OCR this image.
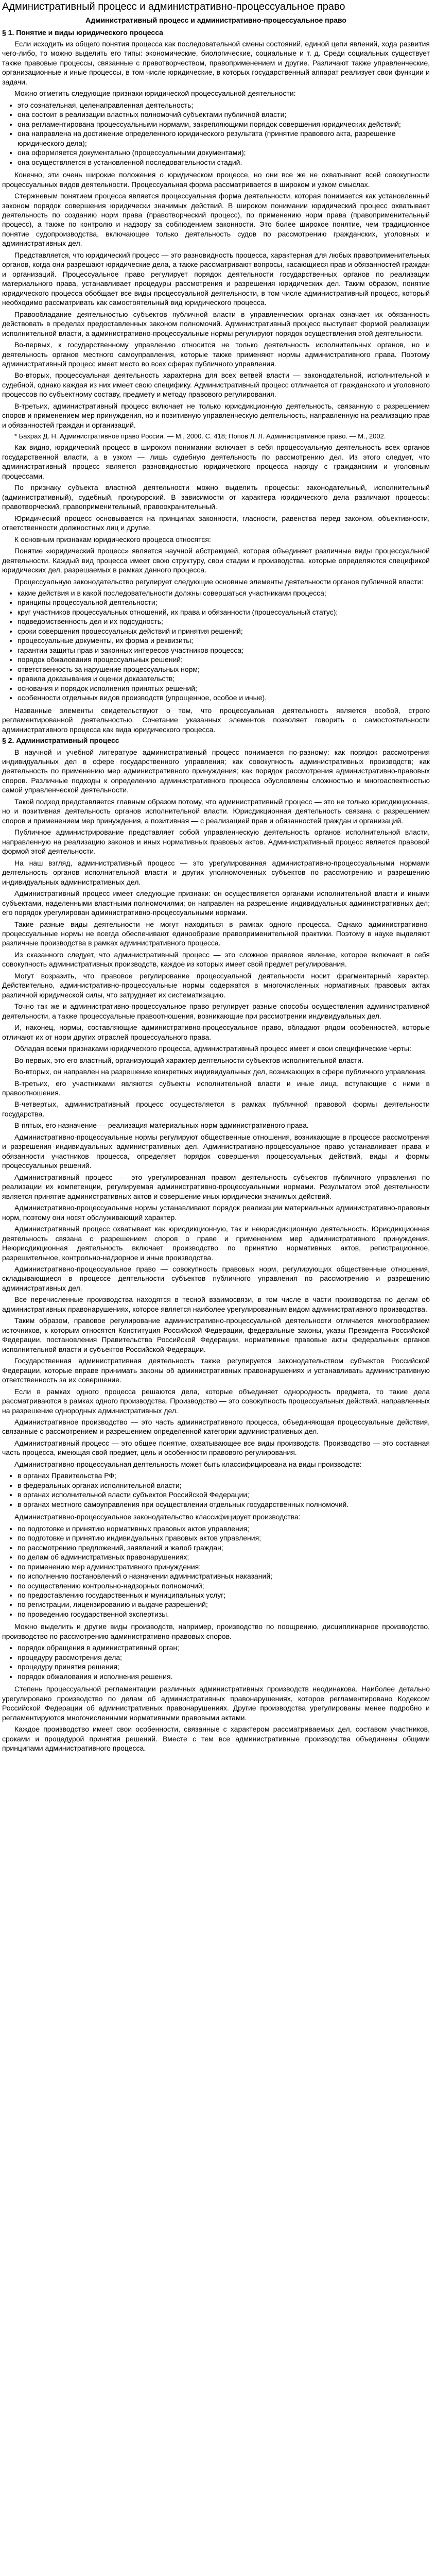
Административный процесс и административно-процессуальное право
Административный процесс и административно-процессуальное право
§ 1. Понятие и виды юридического процесса

Если исходить из общего понятия процесса как последовательной смены состояний, единой цепи явлений, хода развития чего-либо, то можно выделить его типы: экономические, биологические, социальные и т. д. Среди социальных существует также правовые процессы, связанные с правотворчеством, правоприменением и другие. Различают также управленческие, организационные и иные процессы, в том числе юридические, в которых государственный аппарат реализует свои функции и задачи.

Можно отметить следующие признаки юридической процессуальной деятельности:

• это сознательная, целенаправленная деятельность;
• она состоит в реализации властных полномочий субъектами публичной власти;
• она регламентирована процессуальными нормами, закрепляющими порядок совершения юридических действий;
• она направлена на достижение определенного юридического результата (принятие правового акта, разрешение юридического дела);
• она оформляется документально (процессуальными документами);
• она осуществляется в установленной последовательности стадий.

Конечно, эти очень широкие положения о юридическом процессе, но они все же не охватывают всей совокупности процессуальных видов деятельности. Процессуальная форма рассматривается в широком и узком смыслах.

Стержневым понятием процесса является процессуальная форма деятельности, которая понимается как установленный законом порядок совершения юридически значимых действий. В широком понимании юридический процесс охватывает деятельность по созданию норм права (правотворческий процесс), по применению норм права (правоприменительный процесс), а также по контролю и надзору за соблюдением законности. Это более широкое понятие, чем традиционное понятие судопроизводства, включающее только деятельность судов по рассмотрению гражданских, уголовных и административных дел.

Представляется, что юридический процесс — это разновидность процесса, характерная для любых правоприменительных органов, когда они разрешают юридические дела, а также рассматривают вопросы, касающиеся прав и обязанностей граждан и организаций. Процессуальное право регулирует порядок деятельности государственных органов по реализации материального права, устанавливает процедуры рассмотрения и разрешения юридических дел. Таким образом, понятие юридического процесса обобщает все виды процессуальной деятельности, в том числе административный процесс, который необходимо рассматривать как самостоятельный вид юридического процесса.

Правообладание деятельностью субъектов публичной власти в управленческих органах означает их обязанность действовать в пределах предоставленных законом полномочий. Административный процесс выступает формой реализации исполнительной власти, а административно-процессуальные нормы регулируют порядок осуществления этой деятельности.

Во-первых, к государственному управлению относится не только деятельность исполнительных органов, но и деятельность органов местного самоуправления, которые также применяют нормы административного права. Поэтому административный процесс имеет место во всех сферах публичного управления.

Во-вторых, процессуальная деятельность характерна для всех ветвей власти — законодательной, исполнительной и судебной, однако каждая из них имеет свою специфику. Административный процесс отличается от гражданского и уголовного процессов по субъектному составу, предмету и методу правового регулирования.

В-третьих, административный процесс включает не только юрисдикционную деятельность, связанную с разрешением споров и применением мер принуждения, но и позитивную управленческую деятельность, направленную на реализацию прав и обязанностей граждан и организаций.

* Бахрах Д. Н. Административное право России. — М., 2000. С. 418; Попов Л. Л. Административное право. — М., 2002.

Как видно, юридический процесс в широком понимании включает в себя процессуальную деятельность всех органов государственной власти, а в узком — лишь судебную деятельность по рассмотрению дел. Из этого следует, что административный процесс является разновидностью юридического процесса наряду с гражданским и уголовным процессами.

По признаку субъекта властной деятельности можно выделить процессы: законодательный, исполнительный (административный), судебный, прокурорский. В зависимости от характера юридического дела различают процессы: правотворческий, правоприменительный, правоохранительный.

Юридический процесс основывается на принципах законности, гласности, равенства перед законом, объективности, ответственности должностных лиц и другие.

К основным признакам юридического процесса относятся:

Понятие «юридический процесс» является научной абстракцией, которая объединяет различные виды процессуальной деятельности. Каждый вид процесса имеет свою структуру, свои стадии и производства, которые определяются спецификой юридических дел, разрешаемых в рамках данного процесса.

Процессуальную законодательство регулирует следующие основные элементы деятельности органов публичной власти:

• какие действия и в какой последовательности должны совершаться участниками процесса;
• принципы процессуальной деятельности;
• круг участников процессуальных отношений, их права и обязанности (процессуальный статус);
• подведомственность дел и их подсудность;
• сроки совершения процессуальных действий и принятия решений;
• процессуальные документы, их форма и реквизиты;
• гарантии защиты прав и законных интересов участников процесса;
• порядок обжалования процессуальных решений;
• ответственность за нарушение процессуальных норм;
• правила доказывания и оценки доказательств;
• основания и порядок исполнения принятых решений;
• особенности отдельных видов производств (упрощенное, особое и иные).

Названные элементы свидетельствуют о том, что процессуальная деятельность является особой, строго регламентированной деятельностью. Сочетание указанных элементов позволяет говорить о самостоятельности административного процесса как вида юридического процесса.

§ 2. Административный процесс

В научной и учебной литературе административный процесс понимается по-разному: как порядок рассмотрения индивидуальных дел в сфере государственного управления; как совокупность административных производств; как деятельность по применению мер административного принуждения; как порядок рассмотрения административно-правовых споров. Различные подходы к определению административного процесса обусловлены сложностью и многоаспектностью самой управленческой деятельности.

Такой подход представляется главным образом потому, что административный процесс — это не только юрисдикционная, но и позитивная деятельность органов исполнительной власти. Юрисдикционная деятельность связана с разрешением споров и применением мер принуждения, а позитивная — с реализацией прав и обязанностей граждан и организаций.

Публичное администрирование представляет собой управленческую деятельность органов исполнительной власти, направленную на реализацию законов и иных нормативных правовых актов. Административный процесс является правовой формой этой деятельности.

На наш взгляд, административный процесс — это урегулированная административно-процессуальными нормами деятельность органов исполнительной власти и других уполномоченных субъектов по рассмотрению и разрешению индивидуальных административных дел.

Административный процесс имеет следующие признаки: он осуществляется органами исполнительной власти и иными субъектами, наделенными властными полномочиями; он направлен на разрешение индивидуальных административных дел; его порядок урегулирован административно-процессуальными нормами.

Такие разные виды деятельности не могут находиться в рамках одного процесса. Однако административно-процессуальные нормы не всегда обеспечивают единообразие правоприменительной практики. Поэтому в науке выделяют различные производства в рамках административного процесса.

Из сказанного следует, что административный процесс — это сложное правовое явление, которое включает в себя совокупность административных производств, каждое из которых имеет свой предмет регулирования.

Могут возразить, что правовое регулирование процессуальной деятельности носит фрагментарный характер. Действительно, административно-процессуальные нормы содержатся в многочисленных нормативных правовых актах различной юридической силы, что затрудняет их систематизацию.

Точно так же и административно-процессуальное право регулирует разные способы осуществления административной деятельности, а также процессуальные правоотношения, возникающие при рассмотрении индивидуальных дел.

И, наконец, нормы, составляющие административно-процессуальное право, обладают рядом особенностей, которые отличают их от норм других отраслей процессуального права.

Обладая всеми признаками юридического процесса, административный процесс имеет и свои специфические черты:

Во-первых, это его властный, организующий характер деятельности субъектов исполнительной власти.

Во-вторых, он направлен на разрешение конкретных индивидуальных дел, возникающих в сфере публичного управления.

В-третьих, его участниками являются субъекты исполнительной власти и иные лица, вступающие с ними в правоотношения.

В-четвертых, административный процесс осуществляется в рамках публичной правовой формы деятельности государства.

В-пятых, его назначение — реализация материальных норм административного права.

Административно-процессуальные нормы регулируют общественные отношения, возникающие в процессе рассмотрения и разрешения индивидуальных административных дел. Административно-процессуальное право устанавливает права и обязанности участников процесса, определяет порядок совершения процессуальных действий, виды и формы процессуальных решений.

Административный процесс — это урегулированная правом деятельность субъектов публичного управления по реализации их компетенции, регулируемая административно-процессуальными нормами. Результатом этой деятельности является принятие административных актов и совершение иных юридически значимых действий.

Административно-процессуальные нормы устанавливают порядок реализации материальных административно-правовых норм, поэтому они носят обслуживающий характер.

Административный процесс охватывает как юрисдикционную, так и неюрисдикционную деятельность. Юрисдикционная деятельность связана с разрешением споров о праве и применением мер административного принуждения. Неюрисдикционная деятельность включает производство по принятию нормативных актов, регистрационное, разрешительное, контрольно-надзорное и иные производства.

Административно-процессуальное право — совокупность правовых норм, регулирующих общественные отношения, складывающиеся в процессе деятельности субъектов публичного управления по рассмотрению и разрешению административных дел.

Все перечисленные производства находятся в тесной взаимосвязи, в том числе в части производства по делам об административных правонарушениях, которое является наиболее урегулированным видом административного производства.

Таким образом, правовое регулирование административно-процессуальной деятельности отличается многообразием источников, к которым относятся Конституция Российской Федерации, федеральные законы, указы Президента Российской Федерации, постановления Правительства Российской Федерации, нормативные правовые акты федеральных органов исполнительной власти и субъектов Российской Федерации.

Государственная административная деятельность также регулируется законодательством субъектов Российской Федерации, которые вправе принимать законы об административных правонарушениях и устанавливать административную ответственность за их совершение.

Если в рамках одного процесса решаются дела, которые объединяет однородность предмета, то такие дела рассматриваются в рамках одного производства. Производство — это совокупность процессуальных действий, направленных на разрешение однородных административных дел.

Административное производство — это часть административного процесса, объединяющая процессуальные действия, связанные с рассмотрением и разрешением определенной категории административных дел.

Административный процесс — это общее понятие, охватывающее все виды производств. Производство — это составная часть процесса, имеющая свой предмет, цель и особенности правового регулирования.

Административно-процессуальная деятельность может быть классифицирована на виды производств:

• в органах Правительства РФ;
• в федеральных органах исполнительной власти;
• в органах исполнительной власти субъектов Российской Федерации;
• в органах местного самоуправления при осуществлении отдельных государственных полномочий.

Административно-процессуальное законодательство классифицирует производства:

• по подготовке и принятию нормативных правовых актов управления;
• по подготовке и принятию индивидуальных правовых актов управления;
• по рассмотрению предложений, заявлений и жалоб граждан;
• по делам об административных правонарушениях;
• по применению мер административного принуждения;
• по исполнению постановлений о назначении административных наказаний;
• по осуществлению контрольно-надзорных полномочий;
• по предоставлению государственных и муниципальных услуг;
• по регистрации, лицензированию и выдаче разрешений;
• по проведению государственной экспертизы.

Можно выделить и другие виды производств, например, производство по поощрению, дисциплинарное производство, производство по рассмотрению административно-правовых споров.

• порядок обращения в административный орган;
• процедуру рассмотрения дела;
• процедуру принятия решения;
• порядок обжалования и исполнения решения.

Степень процессуальной регламентации различных административных производств неодинакова. Наиболее детально урегулировано производство по делам об административных правонарушениях, которое регламентировано Кодексом Российской Федерации об административных правонарушениях. Другие производства урегулированы менее подробно и регламентируются многочисленными нормативными правовыми актами.

Каждое производство имеет свои особенности, связанные с характером рассматриваемых дел, составом участников, сроками и процедурой принятия решений. Вместе с тем все административные производства объединены общими принципами административного процесса.
